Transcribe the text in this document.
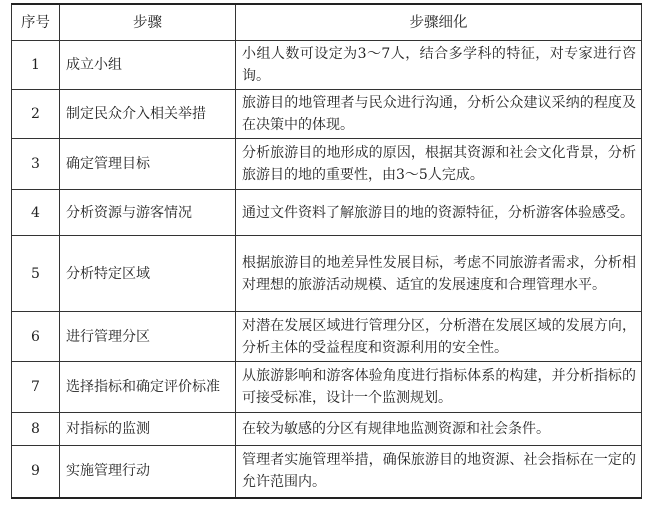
序号	步骤	步骤细化
1	成立小组	小组人数可设定为3～7人，结合多学科的特征，对专家进行咨询。
2	制定民众介入相关举措	旅游目的地管理者与民众进行沟通，分析公众建议采纳的程度及在决策中的体现。
3	确定管理目标	分析旅游目的地形成的原因，根据其资源和社会文化背景，分析旅游目的地的重要性，由3～5人完成。
4	分析资源与游客情况	通过文件资料了解旅游目的地的资源特征，分析游客体验感受。
5	分析特定区域	根据旅游目的地差异性发展目标，考虑不同旅游者需求，分析相对理想的旅游活动规模、适宜的发展速度和合理管理水平。
6	进行管理分区	对潜在发展区域进行管理分区，分析潜在发展区域的发展方向，分析主体的受益程度和资源利用的安全性。
7	选择指标和确定评价标准	从旅游影响和游客体验角度进行指标体系的构建，并分析指标的可接受标准，设计一个监测规划。
8	对指标的监测	在较为敏感的分区有规律地监测资源和社会条件。
9	实施管理行动	管理者实施管理举措，确保旅游目的地资源、社会指标在一定的允许范围内。
